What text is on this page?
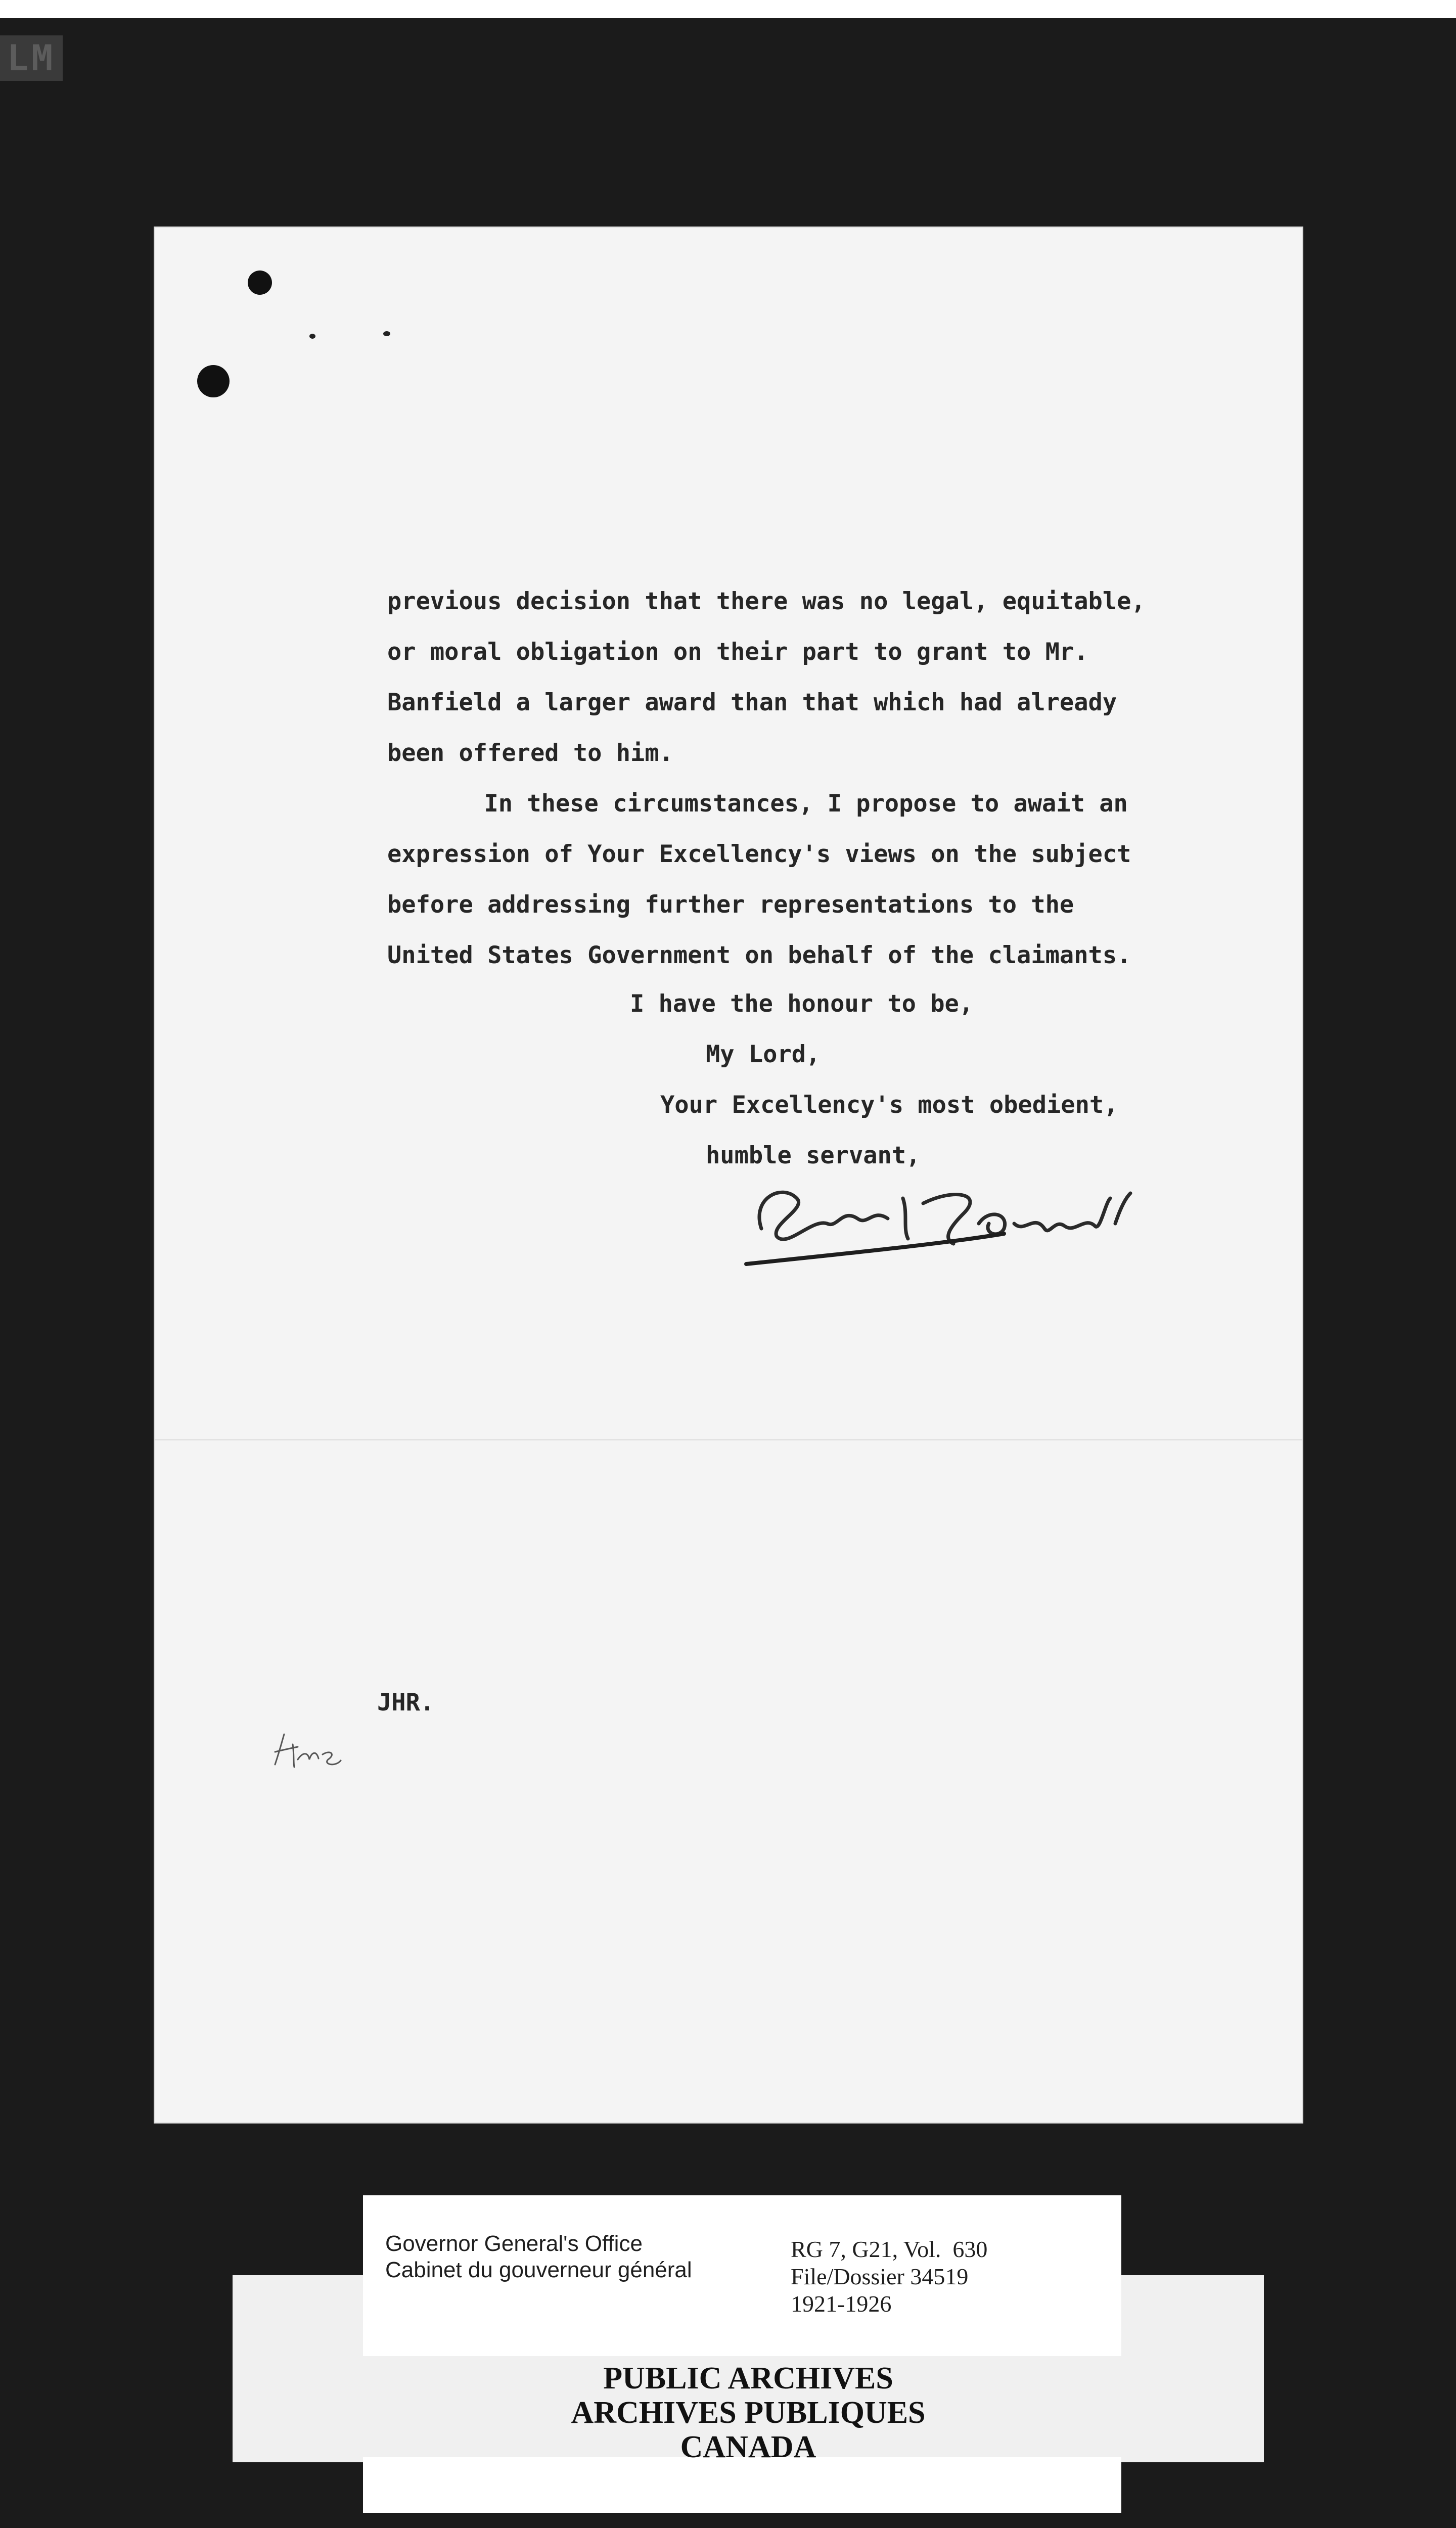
LM
previous decision that there was no legal, equitable,
or moral obligation on their part to grant to Mr.
Banfield a larger award than that which had already
been offered to him.
In these circumstances, I propose to await an
expression of Your Excellency's views on the subject
before addressing further representations to the
United States Government on behalf of the claimants.
I have the honour to be,
My Lord,
Your Excellency's most obedient,
humble servant,
JHR.
Governor General's Office
Cabinet du gouverneur général
RG 7, G21, Vol.  630
File/Dossier 34519
1921-1926
PUBLIC ARCHIVES
ARCHIVES PUBLIQUES
CANADA
